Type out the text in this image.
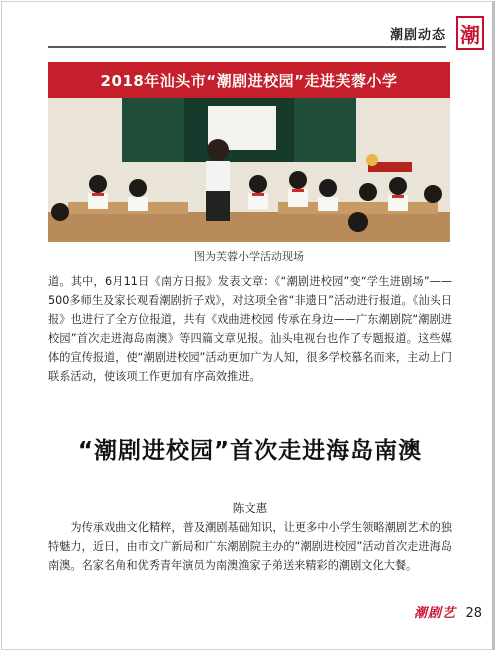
潮剧动态 潮
2018年汕头市“潮剧进校园”走进芙蓉小学
图为芙蓉小学活动现场
道。其中，6月11日《南方日报》发表文章：《“潮剧进校园”变“学生进剧场”——500多师生及家长观看潮剧折子戏》，对这项全省“非遗日”活动进行报道。《汕头日报》也进行了全方位报道，共有《戏曲进校园 传承在身边——广东潮剧院“潮剧进校园”首次走进海岛南澳》等四篇文章见报。汕头电视台也作了专题报道。这些媒体的宣传报道，使“潮剧进校园”活动更加广为人知，很多学校慕名而来，主动上门联系活动，使该项工作更加有序高效推进。
“潮剧进校园”首次走进海岛南澳
陈文惠
为传承戏曲文化精粹，普及潮剧基础知识，让更多中小学生领略潮剧艺术的独特魅力，近日，由市文广新局和广东潮剧院主办的“潮剧进校园”活动首次走进海岛南澳。名家名角和优秀青年演员为南澳渔家子弟送来精彩的潮剧文化大餐。
潮剧艺 28
